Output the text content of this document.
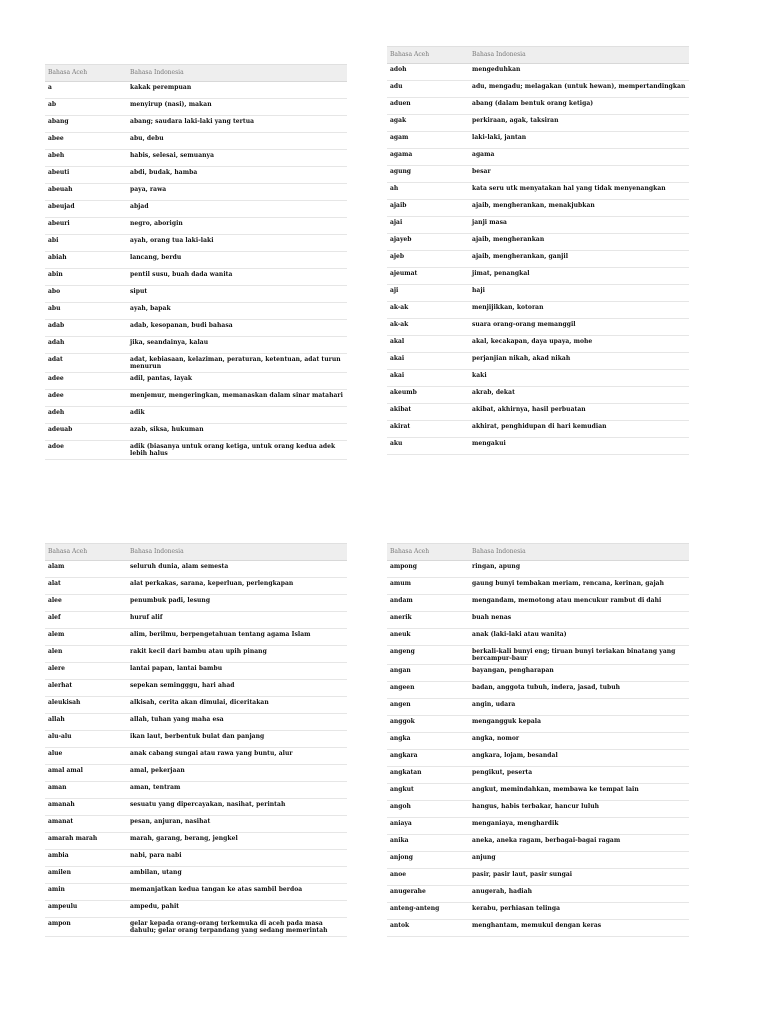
Bahasa Aceh	Bahasa Indonesia
a	kakak perempuan
ab	menyirup (nasi), makan
abang	abang; saudara laki-laki yang tertua
abee	abu, debu
abeh	habis, selesai, semuanya
abeuti	abdi, budak, hamba
abeuah	paya, rawa
abeujad	abjad
abeuri	negro, aborigin
abi	ayah, orang tua laki-laki
abiah	lancang, berdu
abin	pentil susu, buah dada wanita
abo	siput
abu	ayah, bapak
adab	adab, kesopanan, budi bahasa
adah	jika, seandainya, kalau
adat	adat, kebiasaan, kelaziman, peraturan, ketentuan, adat turun menurun
adee	adil, pantas, layak
adee	menjemur, mengeringkan, memanaskan dalam sinar matahari
adeh	adik
adeuab	azab, siksa, hukuman
adoe	adik (biasanya untuk orang ketiga, untuk orang kedua adek lebih halus
Bahasa Aceh	Bahasa Indonesia
adoh	mengeduhkan
adu	adu, mengadu; melagakan (untuk hewan), mempertandingkan
aduen	abang (dalam bentuk orang ketiga)
agak	perkiraan, agak, taksiran
agam	laki-laki, jantan
agama	agama
agung	besar
ah	kata seru utk menyatakan hal yang tidak menyenangkan
ajaib	ajaib, mengherankan, menakjubkan
ajai	janji masa
ajayeb	ajaib, mengherankan
ajeb	ajaib, mengherankan, ganjil
ajeumat	jimat, penangkal
aji	haji
ak-ak	menjijikkan, kotoran
ak-ak	suara orang-orang memanggil
akal	akal, kecakapan, daya upaya, mohe
akai	perjanjian nikah, akad nikah
akai	kaki
akeumb	akrab, dekat
akibat	akibat, akhirnya, hasil perbuatan
akirat	akhirat, penghidupan di hari kemudian
aku	mengakui
Bahasa Aceh	Bahasa Indonesia
alam	seluruh dunia, alam semesta
alat	alat perkakas, sarana, keperluan, perlengkapan
alee	penumbuk padi, lesung
alef	huruf alif
alem	alim, berilmu, berpengetahuan tentang agama Islam
alen	rakit kecil dari bambu atau upih pinang
alere	lantai papan, lantai bambu
alerhat	sepekan semingggu, hari ahad
aleukisah	alkisah, cerita akan dimulai, diceritakan
allah	allah, tuhan yang maha esa
alu-alu	ikan laut, berbentuk bulat dan panjang
alue	anak cabang sungai atau rawa yang buntu, alur
amal amal	amal, pekerjaan
aman	aman, tentram
amanah	sesuatu yang dipercayakan, nasihat, perintah
amanat	pesan, anjuran, nasihat
amarah marah	marah, garang, berang, jengkel
ambia	nabi, para nabi
amilen	ambilan, utang
amin	memanjatkan kedua tangan ke atas sambil berdoa
ampeulu	ampedu, pahit
ampon	gelar kepada orang-orang terkemuka di aceh pada masa dahulu; gelar orang terpandang yang sedang memerintah
Bahasa Aceh	Bahasa Indonesia
ampong	ringan, apung
amum	gaung bunyi tembakan meriam, rencana, kerinan, gajah
andam	mengandam, memotong atau mencukur rambut di dahi
anerik	buah nenas
aneuk	anak (laki-laki atau wanita)
angeng	berkali-kali bunyi eng; tiruan bunyi teriakan binatang yang bercampur-baur
angan	bayangan, pengharapan
angeen	badan, anggota tubuh, indera, jasad, tubuh
angen	angin, udara
anggok	mengangguk kepala
angka	angka, nomor
angkara	angkara, lojam, besandal
angkatan	pengikut, peserta
angkut	angkut, memindahkan, membawa ke tempat lain
angoh	hangus, habis terbakar, hancur luluh
aniaya	menganiaya, menghardik
anika	aneka, aneka ragam, berbagai-bagai ragam
anjong	anjung
anoe	pasir, pasir laut, pasir sungai
anugerahe	anugerah, hadiah
anteng-anteng	kerabu, perhiasan telinga
antok	menghantam, memukul dengan keras
